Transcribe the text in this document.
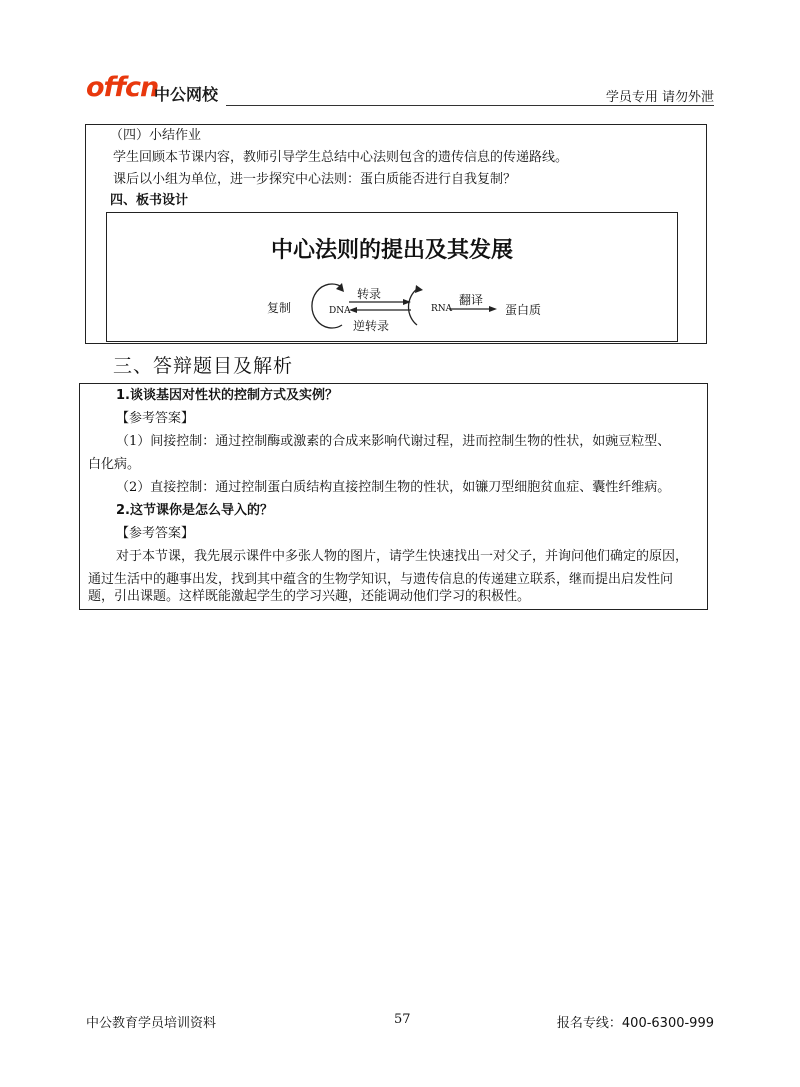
offcn
中公网校	学员专用 请勿外泄
（四）小结作业
学生回顾本节课内容，教师引导学生总结中心法则包含的遗传信息的传递路线。
课后以小组为单位，进一步探究中心法则：蛋白质能否进行自我复制？
四、板书设计
中心法则的提出及其发展
复制	DNA
转录
逆转录
RNA
翻译
蛋白质
三、答辩题目及解析
1.谈谈基因对性状的控制方式及实例？
【参考答案】
（1）间接控制：通过控制酶或激素的合成来影响代谢过程，进而控制生物的性状，如豌豆粒型、
白化病。
（2）直接控制：通过控制蛋白质结构直接控制生物的性状，如镰刀型细胞贫血症、囊性纤维病。
2.这节课你是怎么导入的？
【参考答案】
对于本节课，我先展示课件中多张人物的图片，请学生快速找出一对父子，并询问他们确定的原因，
通过生活中的趣事出发，找到其中蕴含的生物学知识，与遗传信息的传递建立联系，继而提出启发性问
题，引出课题。这样既能激起学生的学习兴趣，还能调动他们学习的积极性。
中公教育学员培训资料	57	报名专线：400-6300-999
